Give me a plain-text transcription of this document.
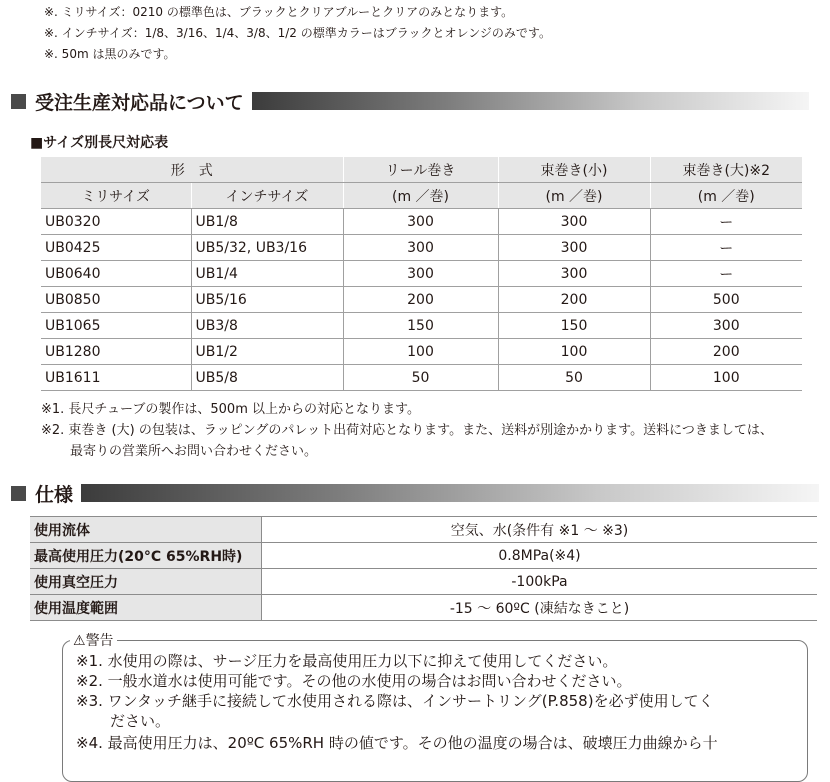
※. ミリサイズ：0210 の標準色は、ブラックとクリアブルーとクリアのみとなります。
※. インチサイズ：1/8、3/16、1/4、3/8、1/2 の標準カラーはブラックとオレンジのみです。
※. 50m は黒のみです。
受注生産対応品について
■サイズ別長尺対応表
形　式		リール巻き	束巻き(小)	束巻き(大)※2
ミリサイズ	インチサイズ	(m ／巻)	(m ／巻)	(m ／巻)
UB0320	UB1/8	300	300	ー
UB0425	UB5/32, UB3/16	300	300	ー
UB0640	UB1/4	300	300	ー
UB0850	UB5/16	200	200	500
UB1065	UB3/8	150	150	300
UB1280	UB1/2	100	100	200
UB1611	UB5/8	50	50	100
※1. 長尺チューブの製作は、500m 以上からの対応となります。
※2. 束巻き (大) の包装は、ラッピングのパレット出荷対応となります。また、送料が別途かかります。送料につきましては、
最寄りの営業所へお問い合わせください。
仕様
使用流体	空気、水(条件有 ※1 ～ ※3)
最高使用圧力(20°C 65%RH時)	0.8MPa(※4)
使用真空圧力	-100kPa
使用温度範囲	-15 ～ 60ºC (凍結なきこと)
⚠警告
※1. 水使用の際は、サージ圧力を最高使用圧力以下に抑えて使用してください。
※2. 一般水道水は使用可能です。その他の水使用の場合はお問い合わせください。
※3. ワンタッチ継手に接続して水使用される際は、インサートリング(P.858)を必ず使用してく
ださい。
※4. 最高使用圧力は、20ºC 65%RH 時の値です。その他の温度の場合は、破壊圧力曲線から十
